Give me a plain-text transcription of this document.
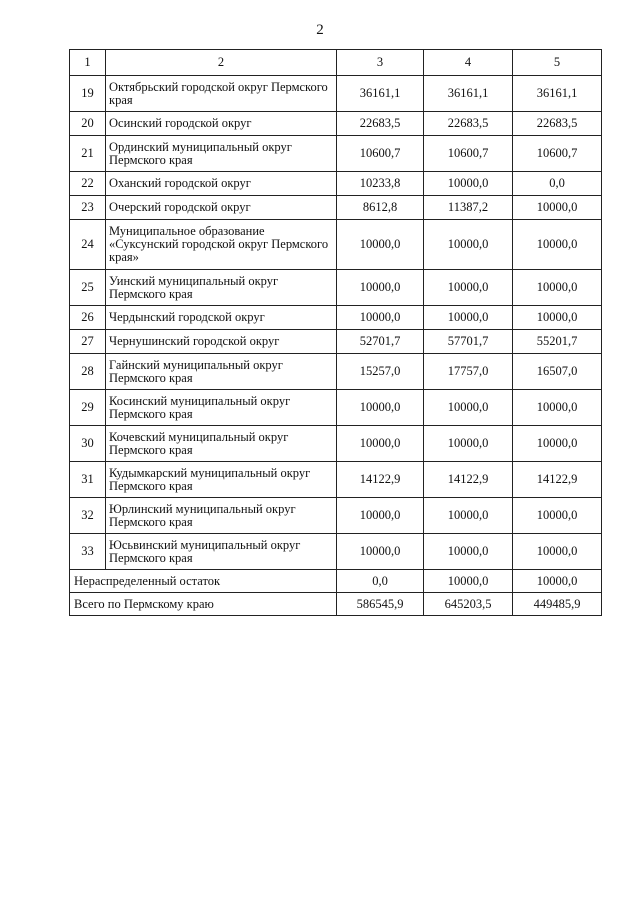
2
1	2	3	4	5
19	Октябрьский городской округ Пермского края	36161,1	36161,1	36161,1
20	Осинский городской округ	22683,5	22683,5	22683,5
21	Ординский муниципальный округ Пермского края	10600,7	10600,7	10600,7
22	Оханский городской округ	10233,8	10000,0	0,0
23	Очерский городской округ	8612,8	11387,2	10000,0
24	Муниципальное образование «Суксунский городской округ Пермского края»	10000,0	10000,0	10000,0
25	Уинский муниципальный округ Пермского края	10000,0	10000,0	10000,0
26	Чердынский городской округ	10000,0	10000,0	10000,0
27	Чернушинский городской округ	52701,7	57701,7	55201,7
28	Гайнский муниципальный округ Пермского края	15257,0	17757,0	16507,0
29	Косинский муниципальный округ Пермского края	10000,0	10000,0	10000,0
30	Кочевский муниципальный округ Пермского края	10000,0	10000,0	10000,0
31	Кудымкарский муниципальный округ Пермского края	14122,9	14122,9	14122,9
32	Юрлинский муниципальный округ Пермского края	10000,0	10000,0	10000,0
33	Юсьвинский муниципальный округ Пермского края	10000,0	10000,0	10000,0
Нераспределенный остаток		0,0	10000,0	10000,0
Всего по Пермскому краю		586545,9	645203,5	449485,9
